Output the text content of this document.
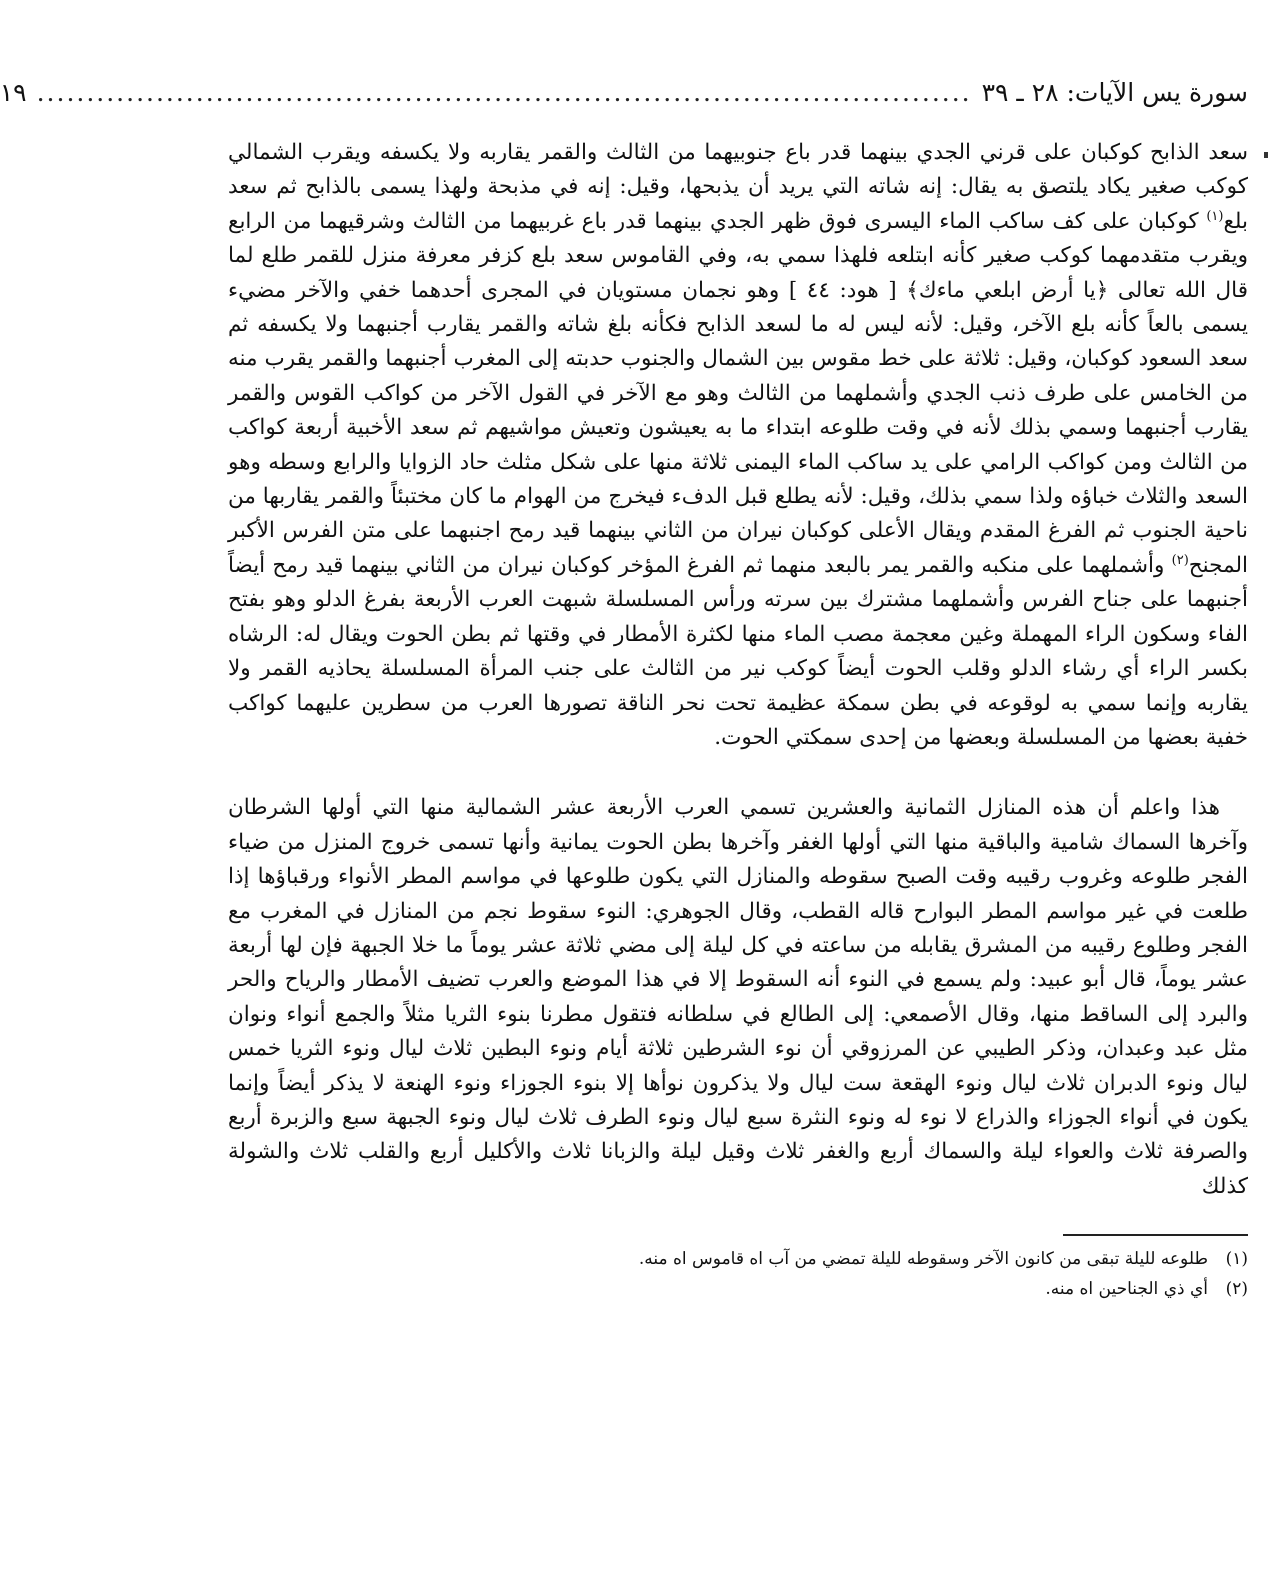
سورة يس الآيات: ٢٨ ـ ٣٩
..............................................................................................
١٩

سعد الذابح كوكبان على قرني الجدي بينهما قدر باع جنوبيهما من الثالث والقمر يقاربه ولا يكسفه ويقرب الشمالي كوكب صغير يكاد يلتصق به يقال: إنه شاته التي يريد أن يذبحها، وقيل: إنه في مذبحة ولهذا يسمى بالذابح ثم سعد بلع$^{(١)}$ كوكبان على كف ساكب الماء اليسرى فوق ظهر الجدي بينهما قدر باع غربيهما من الثالث وشرقيهما من الرابع ويقرب متقدمهما كوكب صغير كأنه ابتلعه فلهذا سمي به، وفي القاموس سعد بلع كزفر معرفة منزل للقمر طلع لما قال الله تعالى ﴿يا أرض ابلعي ماءك﴾ [ هود: ٤٤ ] وهو نجمان مستويان في المجرى أحدهما خفي والآخر مضيء يسمى بالعاً كأنه بلع الآخر، وقيل: لأنه ليس له ما لسعد الذابح فكأنه بلغ شاته والقمر يقارب أجنبهما ولا يكسفه ثم سعد السعود كوكبان، وقيل: ثلاثة على خط مقوس بين الشمال والجنوب حدبته إلى المغرب أجنبهما والقمر يقرب منه من الخامس على طرف ذنب الجدي وأشملهما من الثالث وهو مع الآخر في القول الآخر من كواكب القوس والقمر يقارب أجنبهما وسمي بذلك لأنه في وقت طلوعه ابتداء ما به يعيشون وتعيش مواشيهم ثم سعد الأخبية أربعة كواكب من الثالث ومن كواكب الرامي على يد ساكب الماء اليمنى ثلاثة منها على شكل مثلث حاد الزوايا والرابع وسطه وهو السعد والثلاث خباؤه ولذا سمي بذلك، وقيل: لأنه يطلع قبل الدفء فيخرج من الهوام ما كان مختبئاً والقمر يقاربها من ناحية الجنوب ثم الفرغ المقدم ويقال الأعلى كوكبان نيران من الثاني بينهما قيد رمح اجنبهما على متن الفرس الأكبر المجنح$^{(٢)}$ وأشملهما على منكبه والقمر يمر بالبعد منهما ثم الفرغ المؤخر كوكبان نيران من الثاني بينهما قيد رمح أيضاً أجنبهما على جناح الفرس وأشملهما مشترك بين سرته ورأس المسلسلة شبهت العرب الأربعة بفرغ الدلو وهو بفتح الفاء وسكون الراء المهملة وغين معجمة مصب الماء منها لكثرة الأمطار في وقتها ثم بطن الحوت ويقال له: الرشاه بكسر الراء أي رشاء الدلو وقلب الحوت أيضاً كوكب نير من الثالث على جنب المرأة المسلسلة يحاذيه القمر ولا يقاربه وإنما سمي به لوقوعه في بطن سمكة عظيمة تحت نحر الناقة تصورها العرب من سطرين عليهما كواكب خفية بعضها من المسلسلة وبعضها من إحدى سمكتي الحوت.

هذا واعلم أن هذه المنازل الثمانية والعشرين تسمي العرب الأربعة عشر الشمالية منها التي أولها الشرطان وآخرها السماك شامية والباقية منها التي أولها الغفر وآخرها بطن الحوت يمانية وأنها تسمى خروج المنزل من ضياء الفجر طلوعه وغروب رقيبه وقت الصبح سقوطه والمنازل التي يكون طلوعها في مواسم المطر الأنواء ورقباؤها إذا طلعت في غير مواسم المطر البوارح قاله القطب، وقال الجوهري: النوء سقوط نجم من المنازل في المغرب مع الفجر وطلوع رقيبه من المشرق يقابله من ساعته في كل ليلة إلى مضي ثلاثة عشر يوماً ما خلا الجبهة فإن لها أربعة عشر يوماً، قال أبو عبيد: ولم يسمع في النوء أنه السقوط إلا في هذا الموضع والعرب تضيف الأمطار والرياح والحر والبرد إلى الساقط منها، وقال الأصمعي: إلى الطالع في سلطانه فتقول مطرنا بنوء الثريا مثلاً والجمع أنواء ونوان مثل عبد وعبدان، وذكر الطيبي عن المرزوقي أن نوء الشرطين ثلاثة أيام ونوء البطين ثلاث ليال ونوء الثريا خمس ليال ونوء الدبران ثلاث ليال ونوء الهقعة ست ليال ولا يذكرون نوأها إلا بنوء الجوزاء ونوء الهنعة لا يذكر أيضاً وإنما يكون في أنواء الجوزاء والذراع لا نوء له ونوء النثرة سبع ليال ونوء الطرف ثلاث ليال ونوء الجبهة سبع والزبرة أربع والصرفة ثلاث والعواء ليلة والسماك أربع والغفر ثلاث وقيل ليلة والزبانا ثلاث والأكليل أربع والقلب ثلاث والشولة كذلك

(١)
طلوعه لليلة تبقى من كانون الآخر وسقوطه لليلة تمضي من آب اه قاموس اه منه.
(٢)
أي ذي الجناحين اه منه.
